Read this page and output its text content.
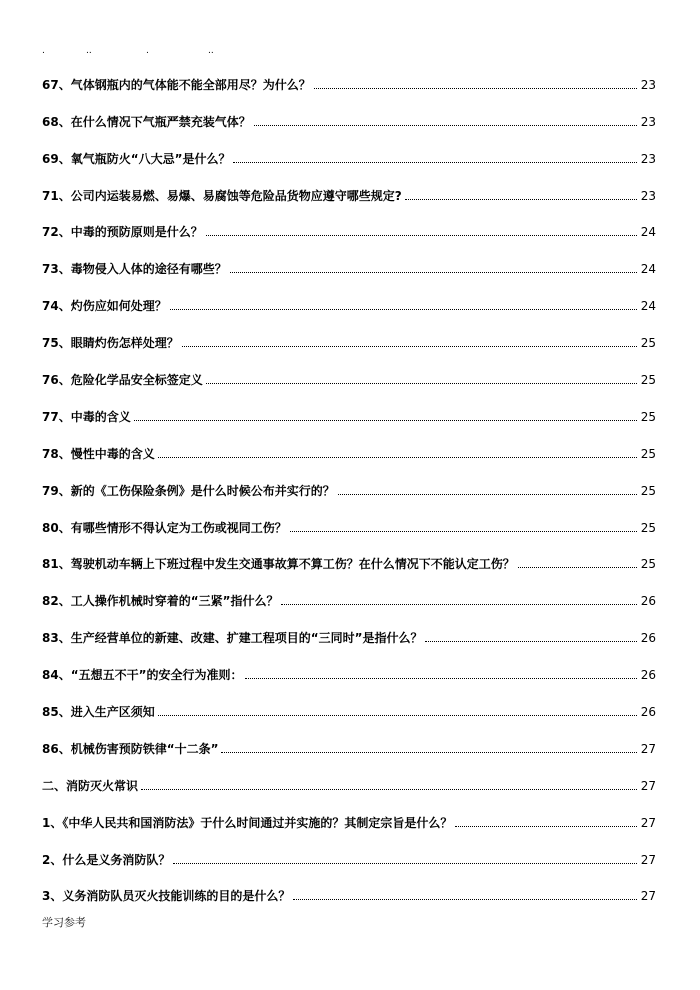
.	..	.	..
67、气体钢瓶内的气体能不能全部用尽？为什么？	23
68、在什么情况下气瓶严禁充装气体？	23
69、氧气瓶防火“八大忌”是什么？	23
71、公司内运装易燃、易爆、易腐蚀等危险品货物应遵守哪些规定?	23
72、中毒的预防原则是什么？	24
73、毒物侵入人体的途径有哪些？	24
74、灼伤应如何处理？	24
75、眼睛灼伤怎样处理？	25
76、危险化学品安全标签定义	25
77、中毒的含义	25
78、慢性中毒的含义	25
79、新的《工伤保险条例》是什么时候公布并实行的？	25
80、有哪些情形不得认定为工伤或视同工伤？	25
81、驾驶机动车辆上下班过程中发生交通事故算不算工伤？在什么情况下不能认定工伤？	25
82、工人操作机械时穿着的“三紧”指什么？	26
83、生产经营单位的新建、改建、扩建工程项目的“三同时”是指什么？	26
84、“五想五不干”的安全行为准则：	26
85、进入生产区须知	26
86、机械伤害预防铁律“十二条”	27
二、消防灭火常识	27
1、《中华人民共和国消防法》于什么时间通过并实施的？其制定宗旨是什么？	27
2、什么是义务消防队？	27
3、义务消防队员灭火技能训练的目的是什么？	27
学习参考
